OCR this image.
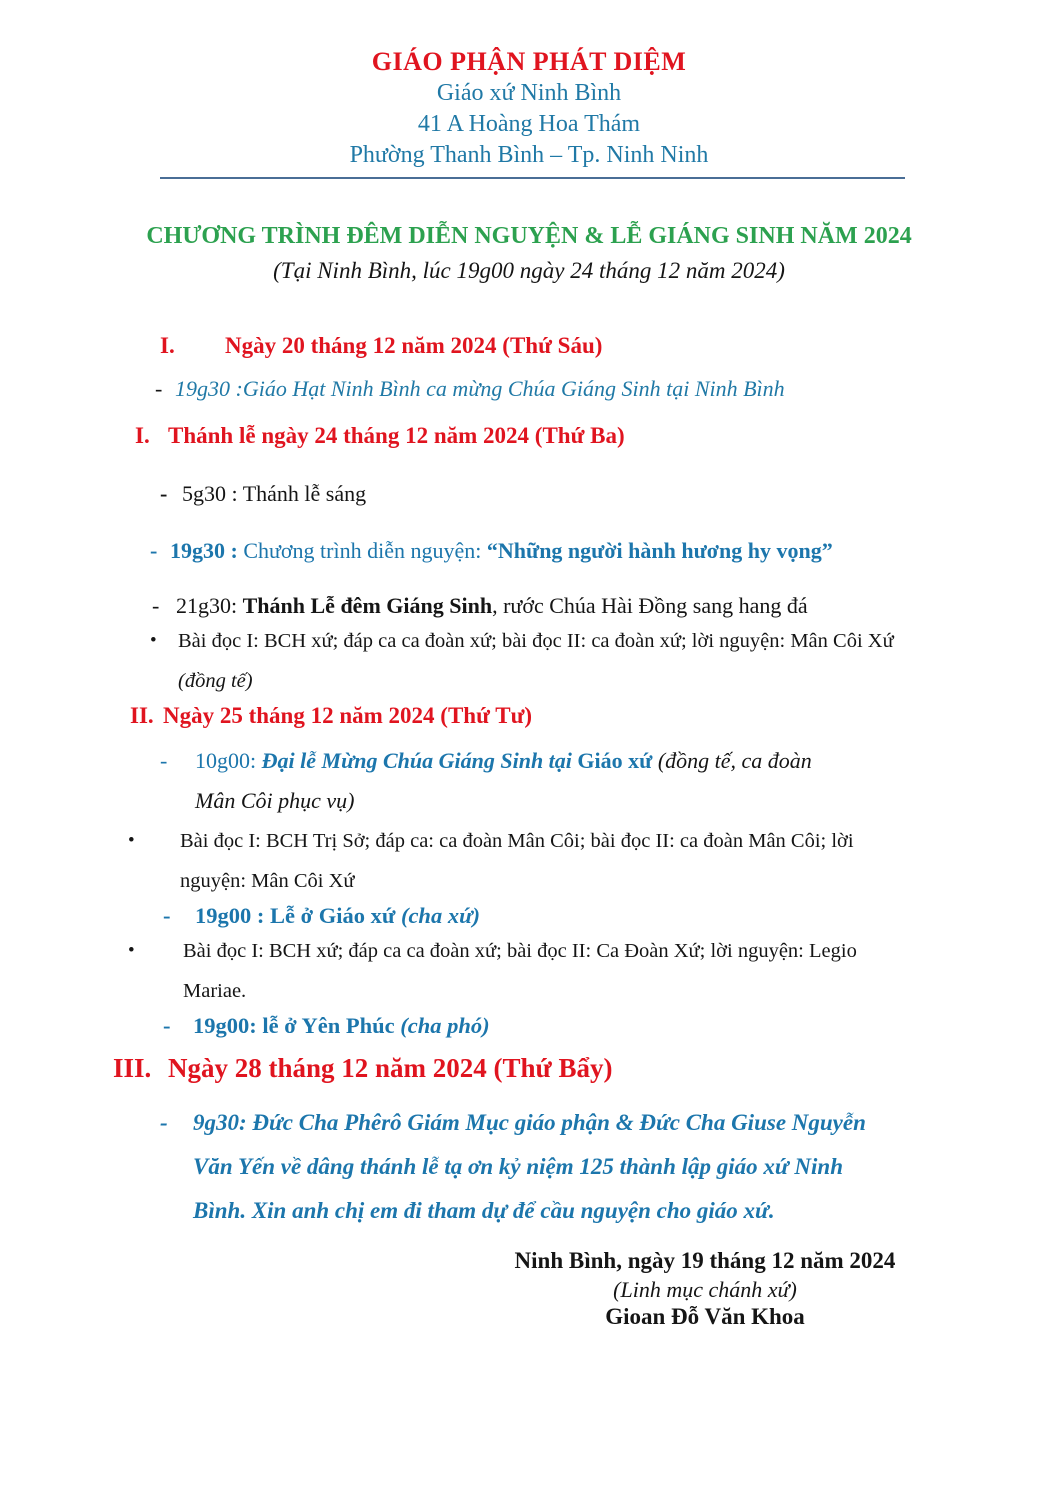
GIÁO PHẬN PHÁT DIỆM
Giáo xứ Ninh Bình
41 A Hoàng Hoa Thám
Phường Thanh Bình – Tp. Ninh Ninh
CHƯƠNG TRÌNH ĐÊM DIỄN NGUYỆN & LỄ GIÁNG SINH NĂM 2024
(Tại Ninh Bình, lúc 19g00 ngày 24 tháng 12 năm 2024)
I.	Ngày 20 tháng 12 năm 2024 (Thứ Sáu)
- 19g30 :Giáo Hạt Ninh Bình ca mừng Chúa Giáng Sinh tại Ninh Bình
I. Thánh lễ ngày 24 tháng 12 năm 2024 (Thứ Ba)
- 5g30 : Thánh lễ sáng
- 19g30 : Chương trình diễn nguyện: “Những người hành hương hy vọng”
- 21g30: Thánh Lễ đêm Giáng Sinh, rước Chúa Hài Đồng sang hang đá
•	Bài đọc I: BCH xứ; đáp ca ca đoàn xứ; bài đọc II: ca đoàn xứ; lời nguyện: Mân Côi Xứ
(đồng tế)
II. Ngày 25 tháng 12 năm 2024 (Thứ Tư)
-	10g00: Đại lễ Mừng Chúa Giáng Sinh tại Giáo xứ (đồng tế, ca đoàn
Mân Côi phục vụ)
•	Bài đọc I: BCH Trị Sở; đáp ca: ca đoàn Mân Côi; bài đọc II: ca đoàn Mân Côi; lời
nguyện: Mân Côi Xứ
-	19g00 : Lễ ở Giáo xứ (cha xứ)
•	Bài đọc I: BCH xứ; đáp ca ca đoàn xứ; bài đọc II: Ca Đoàn Xứ; lời nguyện: Legio
Mariae.
-	19g00: lễ ở Yên Phúc (cha phó)
III. Ngày 28 tháng 12 năm 2024 (Thứ Bẩy)
-	9g30: Đức Cha Phêrô Giám Mục giáo phận & Đức Cha Giuse Nguyễn
Văn Yến về dâng thánh lễ tạ ơn kỷ niệm 125 thành lập giáo xứ Ninh
Bình. Xin anh chị em đi tham dự để cầu nguyện cho giáo xứ.
Ninh Bình, ngày 19 tháng 12 năm 2024
(Linh mục chánh xứ)
Gioan Đỗ Văn Khoa
